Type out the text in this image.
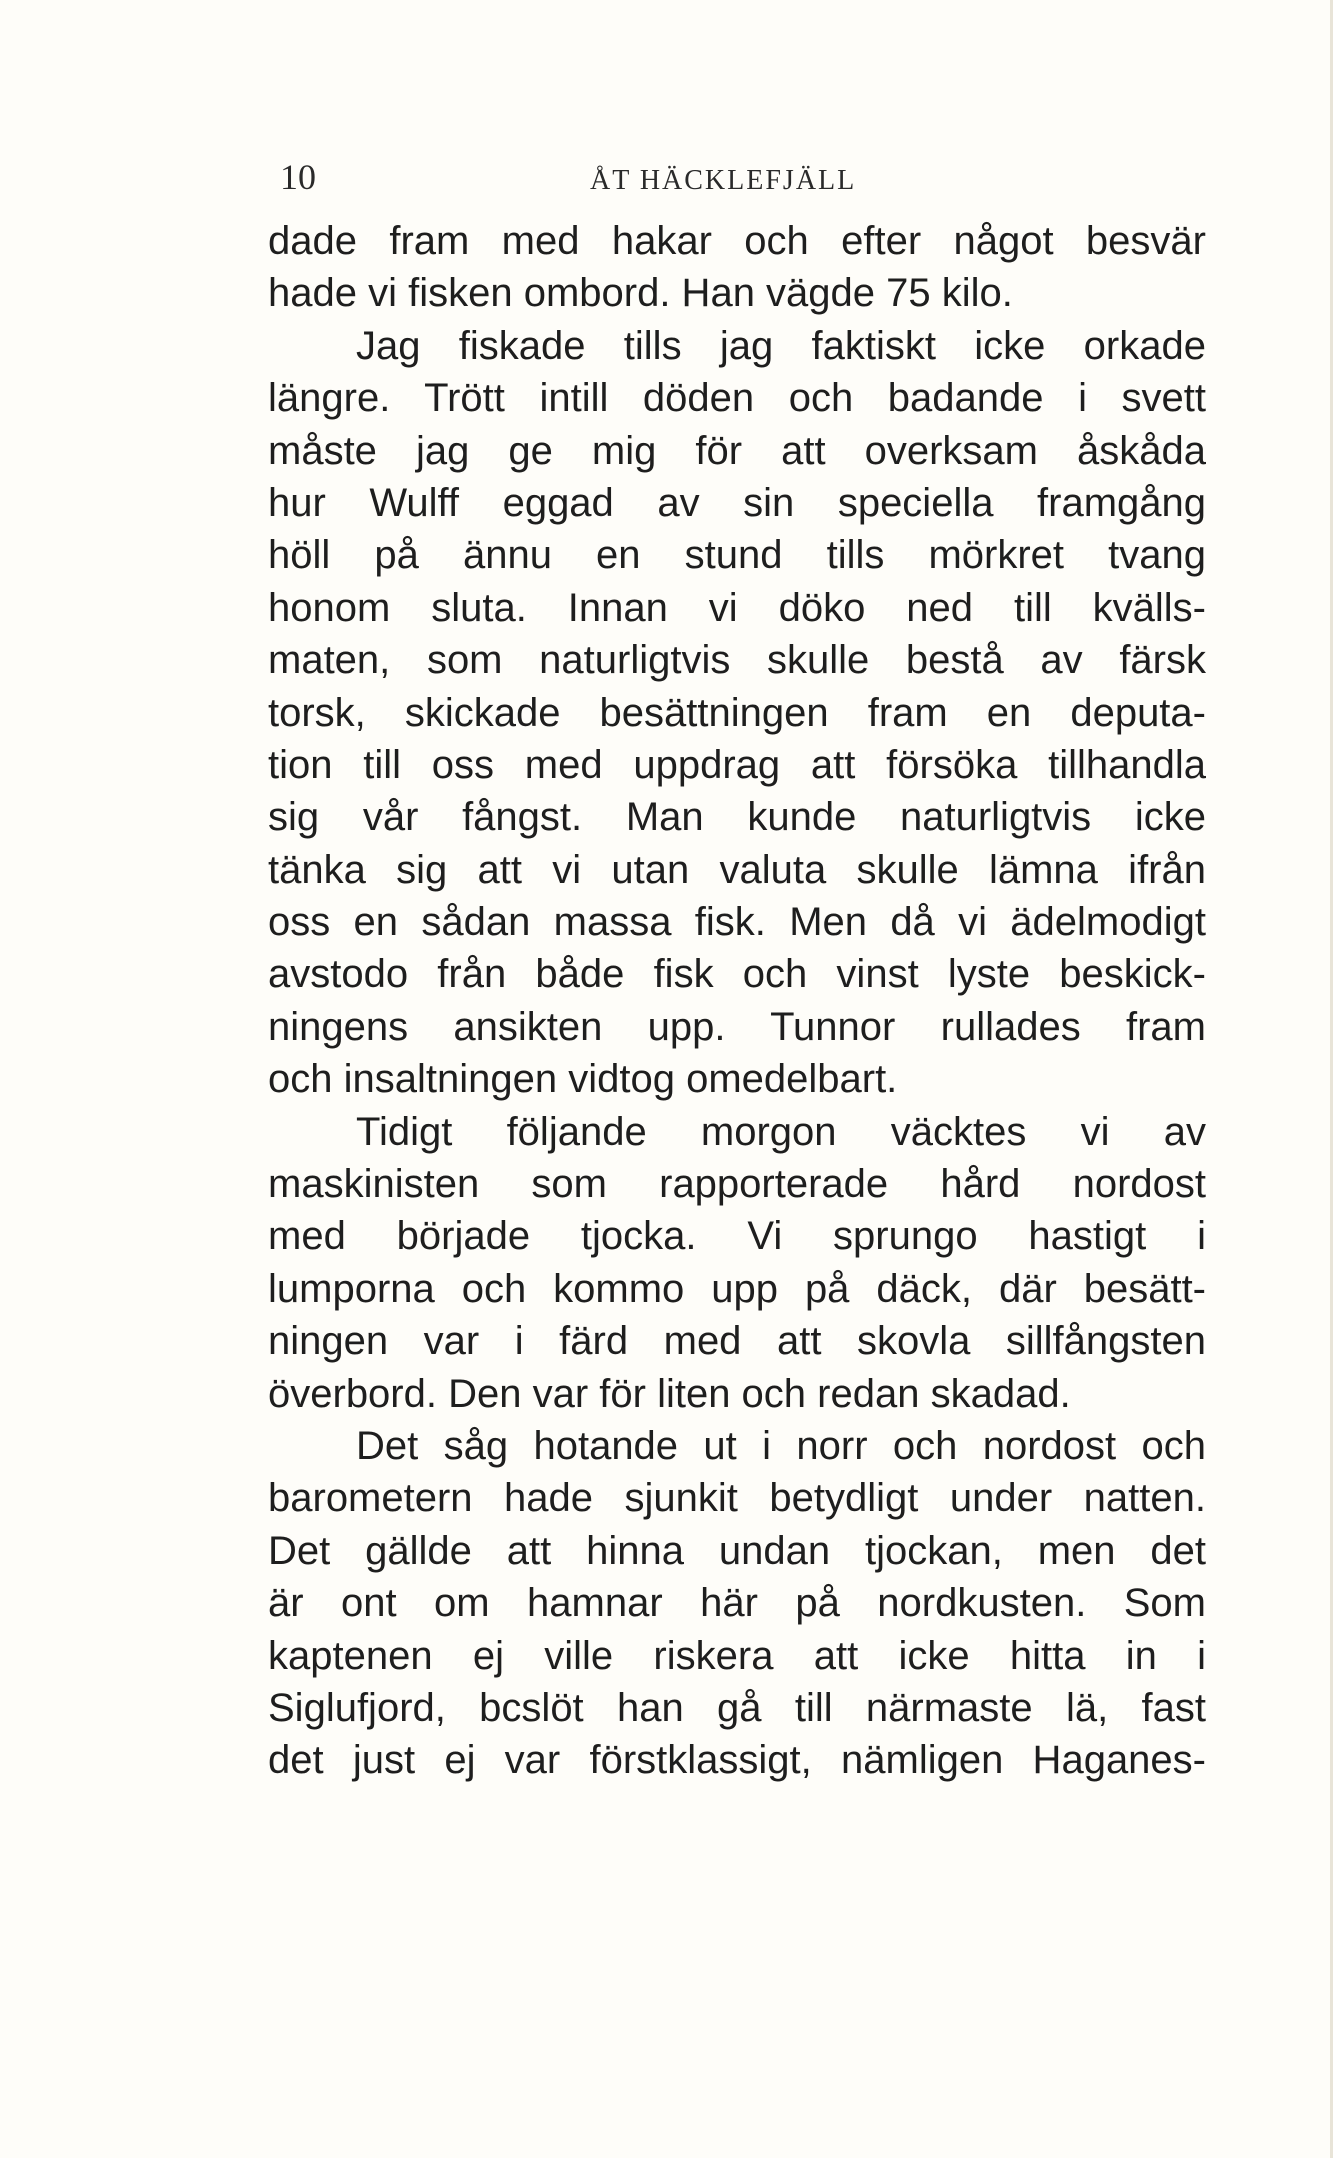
10	ÅT HÄCKLEFJÄLL
dade fram med hakar och efter något besvär
hade vi fisken ombord. Han vägde 75 kilo.
Jag fiskade tills jag faktiskt icke orkade
längre. Trött intill döden och badande i svett
måste jag ge mig för att overksam åskåda
hur Wulff eggad av sin speciella framgång
höll på ännu en stund tills mörkret tvang
honom sluta. Innan vi döko ned till kvälls-
maten, som naturligtvis skulle bestå av färsk
torsk, skickade besättningen fram en deputa-
tion till oss med uppdrag att försöka tillhandla
sig vår fångst. Man kunde naturligtvis icke
tänka sig att vi utan valuta skulle lämna ifrån
oss en sådan massa fisk. Men då vi ädelmodigt
avstodo från både fisk och vinst lyste beskick-
ningens ansikten upp. Tunnor rullades fram
och insaltningen vidtog omedelbart.
Tidigt följande morgon väcktes vi av
maskinisten som rapporterade hård nordost
med började tjocka. Vi sprungo hastigt i
lumporna och kommo upp på däck, där besätt-
ningen var i färd med att skovla sillfångsten
överbord. Den var för liten och redan skadad.
Det såg hotande ut i norr och nordost och
barometern hade sjunkit betydligt under natten.
Det gällde att hinna undan tjockan, men det
är ont om hamnar här på nordkusten. Som
kaptenen ej ville riskera att icke hitta in i
Siglufjord, bcslöt han gå till närmaste lä, fast
det just ej var förstklassigt, nämligen Haganes-
